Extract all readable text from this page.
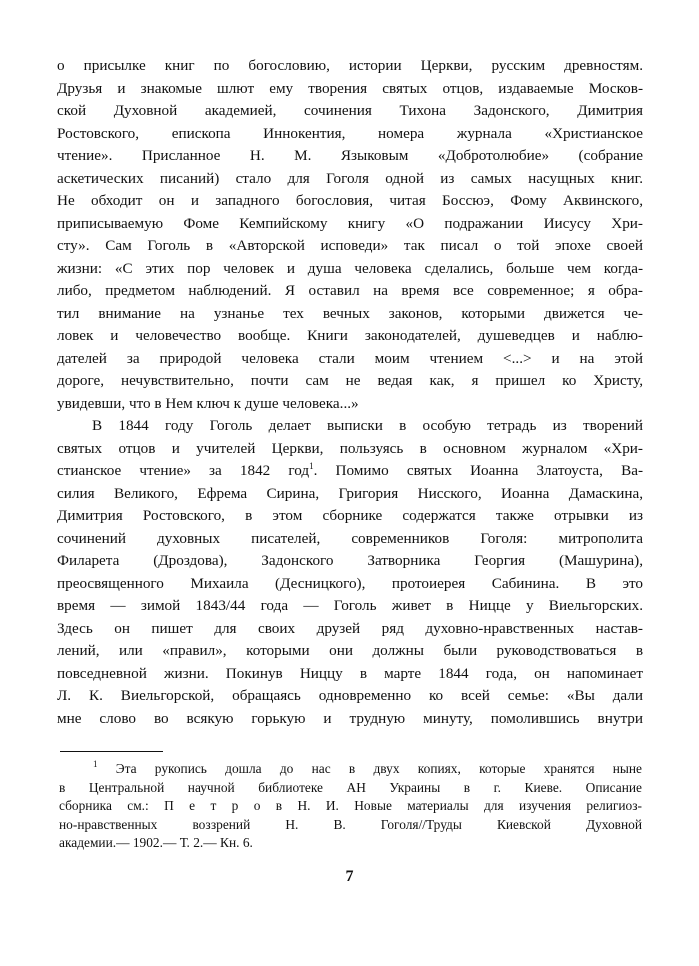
о присылке книг по богословию, истории Церкви, русским древностям.
Друзья и знакомые шлют ему творения святых отцов, издаваемые Москов-
ской Духовной академией, сочинения Тихона Задонского, Димитрия
Ростовского, епископа Иннокентия, номера журнала «Христианское
чтение». Присланное Н. М. Языковым «Добротолюбие» (собрание
аскетических писаний) стало для Гоголя одной из самых насущных книг.
Не обходит он и западного богословия, читая Боссюэ, Фому Аквинского,
приписываемую Фоме Кемпийскому книгу «О подражании Иисусу Хри-
сту». Сам Гоголь в «Авторской исповеди» так писал о той эпохе своей
жизни: «С этих пор человек и душа человека сделались, больше чем когда-
либо, предметом наблюдений. Я оставил на время все современное; я обра-
тил внимание на узнанье тех вечных законов, которыми движется че-
ловек и человечество вообще. Книги законодателей, душеведцев и наблю-
дателей за природой человека стали моим чтением <...> и на этой
дороге, нечувствительно, почти сам не ведая как, я пришел ко Христу,
увидевши, что в Нем ключ к душе человека...»
В 1844 году Гоголь делает выписки в особую тетрадь из творений
святых отцов и учителей Церкви, пользуясь в основном журналом «Хри-
стианское чтение» за 1842 год$^1$. Помимо святых Иоанна Златоуста, Ва-
силия Великого, Ефрема Сирина, Григория Нисского, Иоанна Дамаскина,
Димитрия Ростовского, в этом сборнике содержатся также отрывки из
сочинений духовных писателей, современников Гоголя: митрополита
Филарета (Дроздова), Задонского Затворника Георгия (Машурина),
преосвященного Михаила (Десницкого), протоиерея Сабинина. В это
время — зимой 1843/44 года — Гоголь живет в Ницце у Виельгорских.
Здесь он пишет для своих друзей ряд духовно-нравственных настав-
лений, или «правил», которыми они должны были руководствоваться в
повседневной жизни. Покинув Ниццу в марте 1844 года, он напоминает
Л. К. Виельгорской, обращаясь одновременно ко всей семье: «Вы дали
мне слово во всякую горькую и трудную минуту, помолившись внутри
$^1$ Эта рукопись дошла до нас в двух копиях, которые хранятся ныне
в Центральной научной библиотеке АН Украины в г. Киеве. Описание
сборника см.: П е т р о в Н. И. Новые материалы для изучения религиоз-
но-нравственных воззрений Н. В. Гоголя//Труды Киевской Духовной
академии.— 1902.— Т. 2.— Кн. 6.
7
